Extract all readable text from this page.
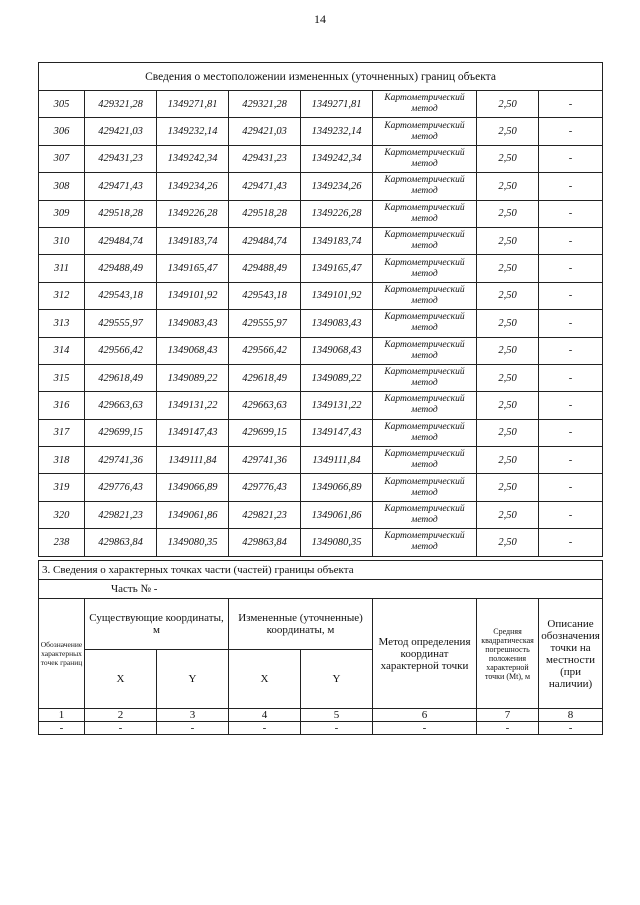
14
Сведения о местоположении измененных (уточненных) границ объекта							
305	429321,28	1349271,81	429321,28	1349271,81	Картометрический метод	2,50	-
306	429421,03	1349232,14	429421,03	1349232,14	Картометрический метод	2,50	-
307	429431,23	1349242,34	429431,23	1349242,34	Картометрический метод	2,50	-
308	429471,43	1349234,26	429471,43	1349234,26	Картометрический метод	2,50	-
309	429518,28	1349226,28	429518,28	1349226,28	Картометрический метод	2,50	-
310	429484,74	1349183,74	429484,74	1349183,74	Картометрический метод	2,50	-
311	429488,49	1349165,47	429488,49	1349165,47	Картометрический метод	2,50	-
312	429543,18	1349101,92	429543,18	1349101,92	Картометрический метод	2,50	-
313	429555,97	1349083,43	429555,97	1349083,43	Картометрический метод	2,50	-
314	429566,42	1349068,43	429566,42	1349068,43	Картометрический метод	2,50	-
315	429618,49	1349089,22	429618,49	1349089,22	Картометрический метод	2,50	-
316	429663,63	1349131,22	429663,63	1349131,22	Картометрический метод	2,50	-
317	429699,15	1349147,43	429699,15	1349147,43	Картометрический метод	2,50	-
318	429741,36	1349111,84	429741,36	1349111,84	Картометрический метод	2,50	-
319	429776,43	1349066,89	429776,43	1349066,89	Картометрический метод	2,50	-
320	429821,23	1349061,86	429821,23	1349061,86	Картометрический метод	2,50	-
238	429863,84	1349080,35	429863,84	1349080,35	Картометрический метод	2,50	-
3. Сведения о характерных точках части (частей) границы объекта							
Часть № -							
Обозначение характерных точек границ	Существующие координаты, м		Измененные (уточненные) координаты, м		Метод определения координат характерной точки	Средняя квадратическая погрешность положения характерной точки (Mt), м	Описание обозначения точки на местности (при наличии)
	X	Y	X	Y			
1	2	3	4	5	6	7	8
-	-	-	-	-	-	-	-
